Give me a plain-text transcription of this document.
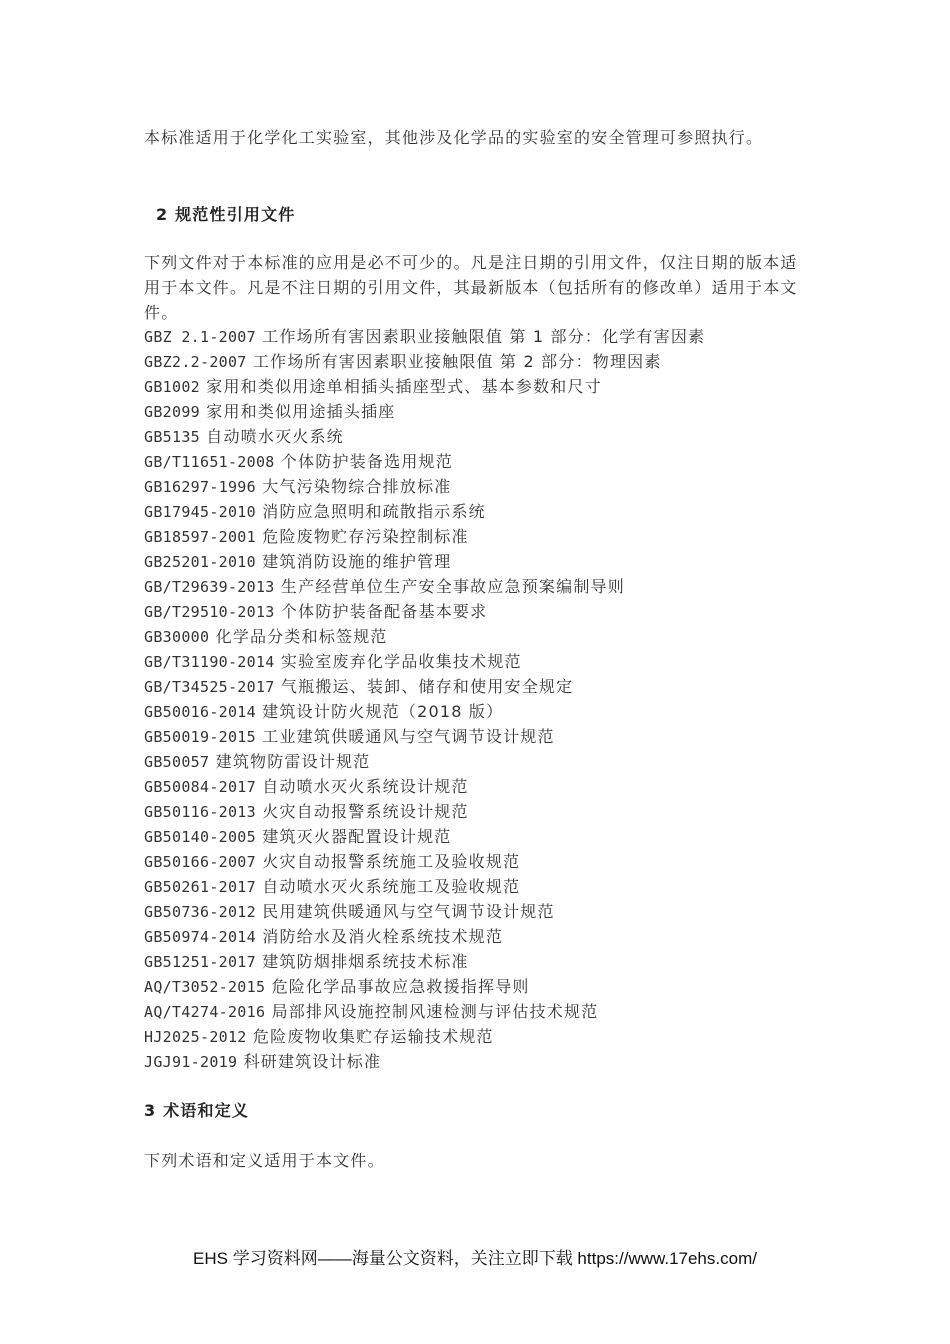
本标准适用于化学化工实验室，其他涉及化学品的实验室的安全管理可参照执行。

2 规范性引用文件

下列文件对于本标准的应用是必不可少的。凡是注日期的引用文件，仅注日期的版本适用于本文件。凡是不注日期的引用文件，其最新版本（包括所有的修改单）适用于本文件。

GBZ 2.1-2007 工作场所有害因素职业接触限值 第 1 部分：化学有害因素
GBZ2.2-2007 工作场所有害因素职业接触限值 第 2 部分：物理因素
GB1002 家用和类似用途单相插头插座型式、基本参数和尺寸
GB2099 家用和类似用途插头插座
GB5135 自动喷水灭火系统
GB/T11651-2008 个体防护装备选用规范
GB16297-1996 大气污染物综合排放标准
GB17945-2010 消防应急照明和疏散指示系统
GB18597-2001 危险废物贮存污染控制标准
GB25201-2010 建筑消防设施的维护管理
GB/T29639-2013 生产经营单位生产安全事故应急预案编制导则
GB/T29510-2013 个体防护装备配备基本要求
GB30000 化学品分类和标签规范
GB/T31190-2014 实验室废弃化学品收集技术规范
GB/T34525-2017 气瓶搬运、装卸、储存和使用安全规定
GB50016-2014 建筑设计防火规范（2018 版）
GB50019-2015 工业建筑供暖通风与空气调节设计规范
GB50057 建筑物防雷设计规范
GB50084-2017 自动喷水灭火系统设计规范
GB50116-2013 火灾自动报警系统设计规范
GB50140-2005 建筑灭火器配置设计规范
GB50166-2007 火灾自动报警系统施工及验收规范
GB50261-2017 自动喷水灭火系统施工及验收规范
GB50736-2012 民用建筑供暖通风与空气调节设计规范
GB50974-2014 消防给水及消火栓系统技术规范
GB51251-2017 建筑防烟排烟系统技术标准
AQ/T3052-2015 危险化学品事故应急救援指挥导则
AQ/T4274-2016 局部排风设施控制风速检测与评估技术规范
HJ2025-2012 危险废物收集贮存运输技术规范
JGJ91-2019 科研建筑设计标准

3 术语和定义

下列术语和定义适用于本文件。

EHS 学习资料网——海量公文资料，关注立即下载 https://www.17ehs.com/
